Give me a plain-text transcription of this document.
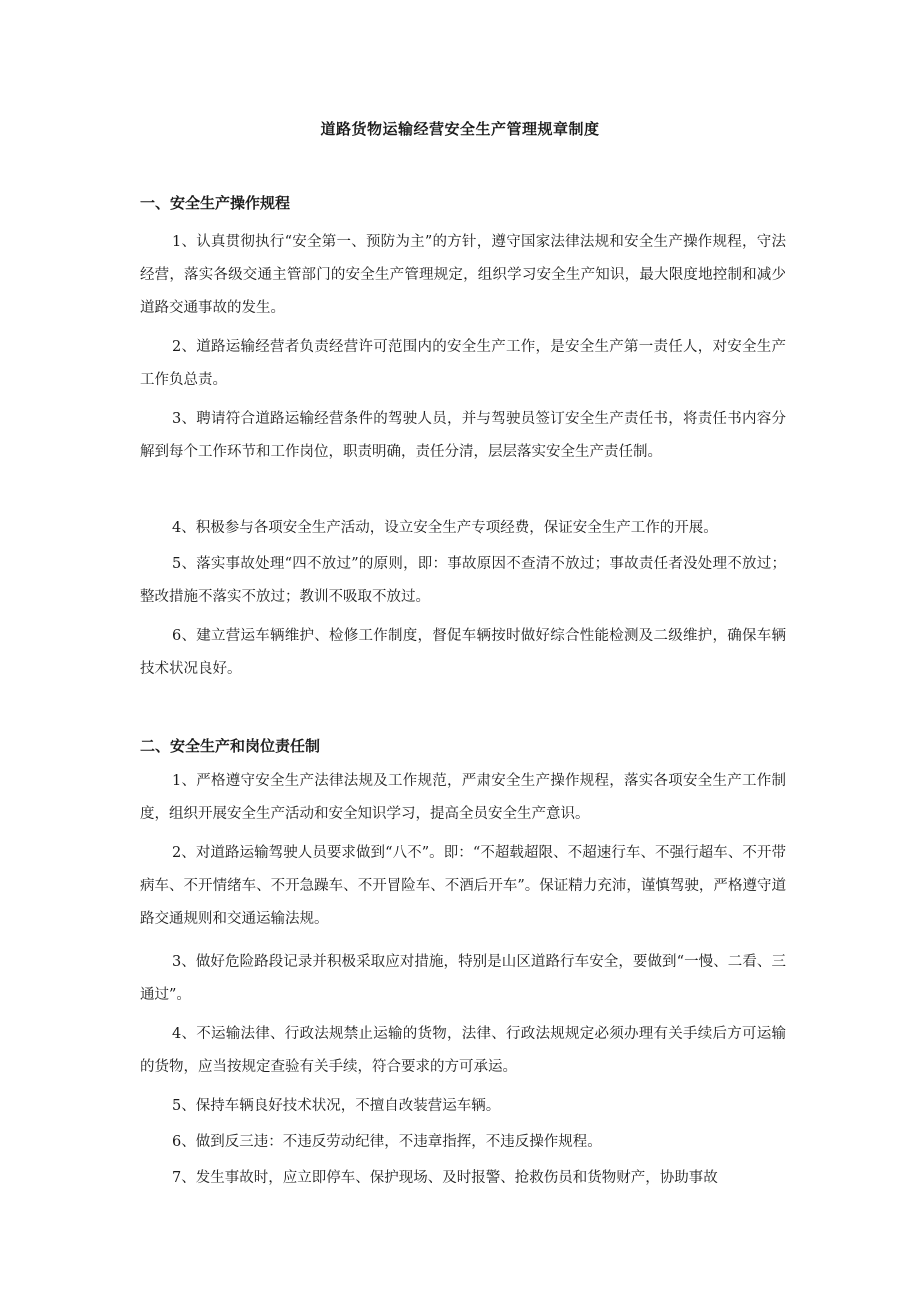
道路货物运输经营安全生产管理规章制度
一、安全生产操作规程

1、认真贯彻执行“安全第一、预防为主”的方针，遵守国家法律法规和安全生产操作规程，守法经营，落实各级交通主管部门的安全生产管理规定，组织学习安全生产知识，最大限度地控制和减少道路交通事故的发生。

2、道路运输经营者负责经营许可范围内的安全生产工作，是安全生产第一责任人，对安全生产工作负总责。

3、聘请符合道路运输经营条件的驾驶人员，并与驾驶员签订安全生产责任书，将责任书内容分解到每个工作环节和工作岗位，职责明确，责任分清，层层落实安全生产责任制。

4、积极参与各项安全生产活动，设立安全生产专项经费，保证安全生产工作的开展。

5、落实事故处理“四不放过”的原则，即：事故原因不查清不放过；事故责任者没处理不放过；整改措施不落实不放过；教训不吸取不放过。

6、建立营运车辆维护、检修工作制度，督促车辆按时做好综合性能检测及二级维护，确保车辆技术状况良好。

二、安全生产和岗位责任制

1、严格遵守安全生产法律法规及工作规范，严肃安全生产操作规程，落实各项安全生产工作制度，组织开展安全生产活动和安全知识学习，提高全员安全生产意识。

2、对道路运输驾驶人员要求做到“八不”。即：“不超载超限、不超速行车、不强行超车、不开带病车、不开情绪车、不开急躁车、不开冒险车、不酒后开车”。保证精力充沛，谨慎驾驶，严格遵守道路交通规则和交通运输法规。

3、做好危险路段记录并积极采取应对措施，特别是山区道路行车安全，要做到“一慢、二看、三通过”。

4、不运输法律、行政法规禁止运输的货物，法律、行政法规规定必须办理有关手续后方可运输的货物，应当按规定查验有关手续，符合要求的方可承运。

5、保持车辆良好技术状况，不擅自改装营运车辆。

6、做到反三违：不违反劳动纪律，不违章指挥，不违反操作规程。

7、发生事故时，应立即停车、保护现场、及时报警、抢救伤员和货物财产，协助事故
